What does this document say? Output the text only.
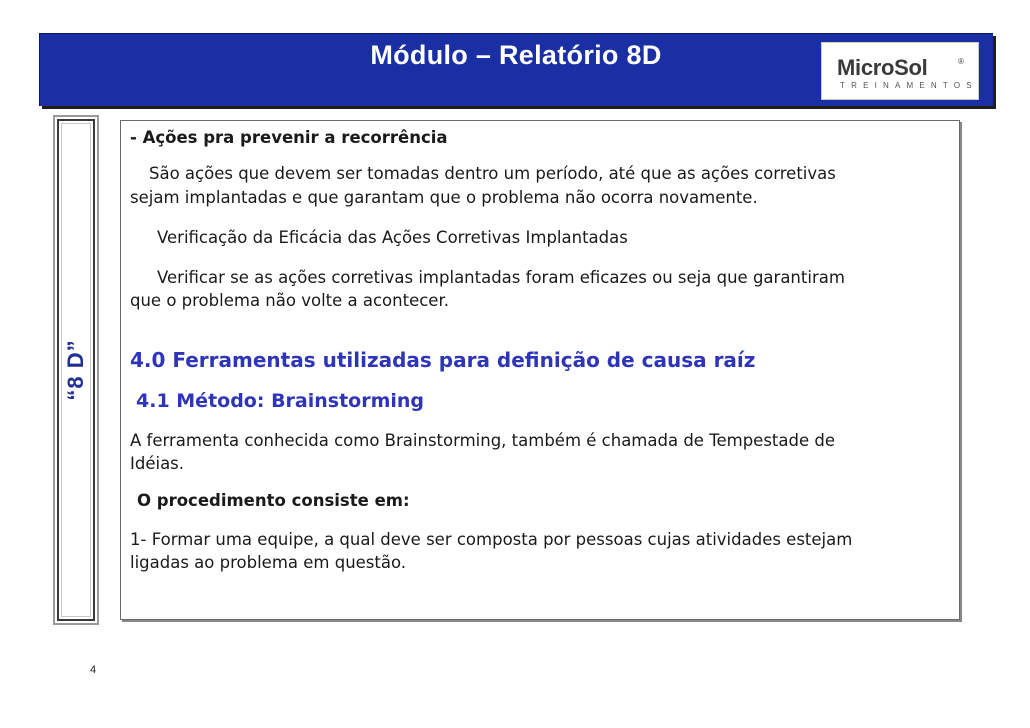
Módulo – Relatório 8D	MicroSol	®
TREINAMENTOS
“8 D”
- Ações pra prevenir a recorrência
São ações que devem ser tomadas dentro um período, até que as ações corretivas
sejam implantadas e que garantam que o problema não ocorra novamente.
Verificação da Eficácia das Ações Corretivas Implantadas
Verificar se as ações corretivas implantadas foram eficazes ou seja que garantiram
que o problema não volte a acontecer.
4.0 Ferramentas utilizadas para definição de causa raíz
4.1 Método: Brainstorming
A ferramenta conhecida como Brainstorming, também é chamada de Tempestade de
Idéias.
O procedimento consiste em:
1- Formar uma equipe, a qual deve ser composta por pessoas cujas atividades estejam
ligadas ao problema em questão.
4
